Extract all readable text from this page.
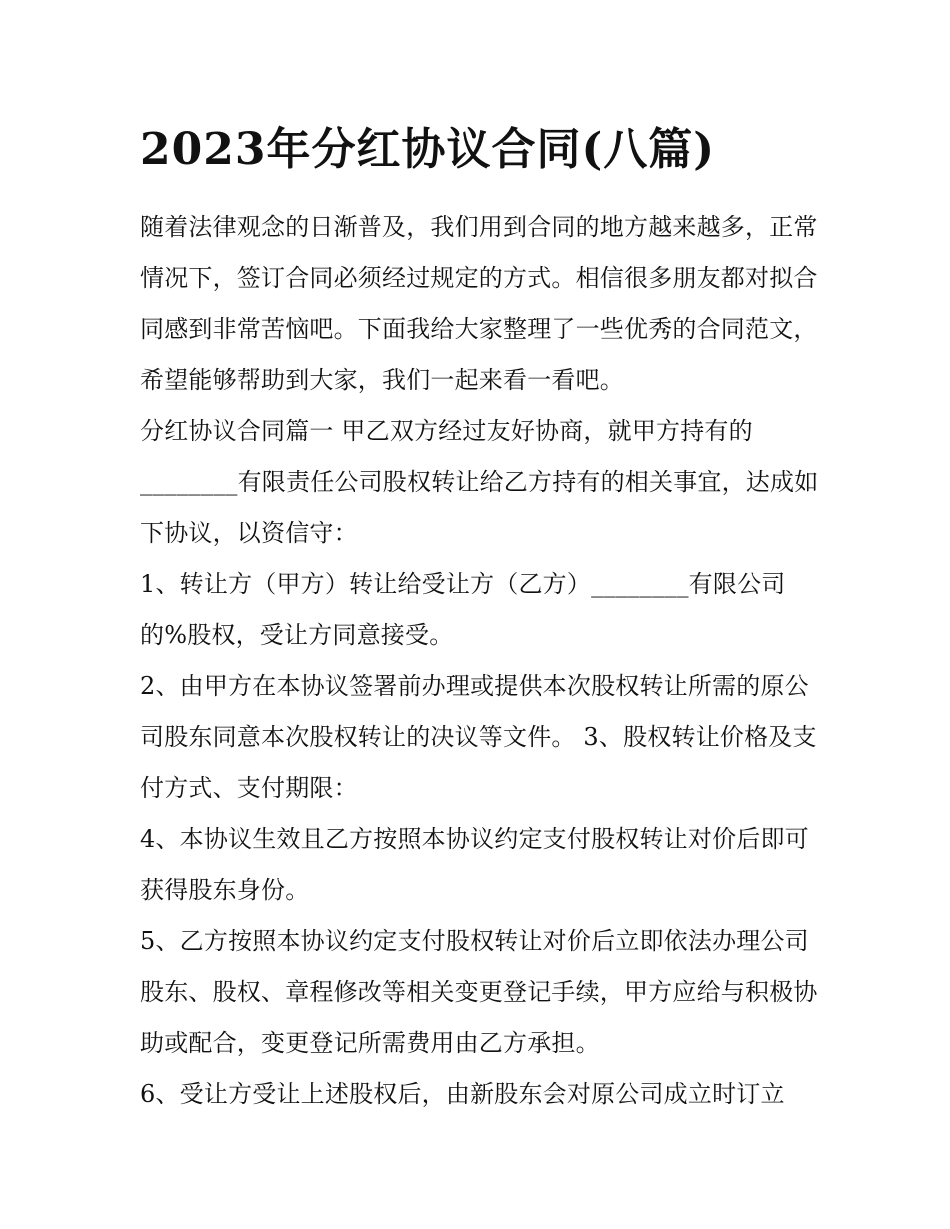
2023年分红协议合同(八篇)

随着法律观念的日渐普及，我们用到合同的地方越来越多，正常情况下，签订合同必须经过规定的方式。相信很多朋友都对拟合同感到非常苦恼吧。下面我给大家整理了一些优秀的合同范文，希望能够帮助到大家，我们一起来看一看吧。

分红协议合同篇一 甲乙双方经过友好协商，就甲方持有的________有限责任公司股权转让给乙方持有的相关事宜，达成如下协议，以资信守：

1、转让方（甲方）转让给受让方（乙方）________有限公司的%股权，受让方同意接受。

2、由甲方在本协议签署前办理或提供本次股权转让所需的原公司股东同意本次股权转让的决议等文件。 3、股权转让价格及支付方式、支付期限：

4、本协议生效且乙方按照本协议约定支付股权转让对价后即可获得股东身份。

5、乙方按照本协议约定支付股权转让对价后立即依法办理公司股东、股权、章程修改等相关变更登记手续，甲方应给与积极协助或配合，变更登记所需费用由乙方承担。

6、受让方受让上述股权后，由新股东会对原公司成立时订立
